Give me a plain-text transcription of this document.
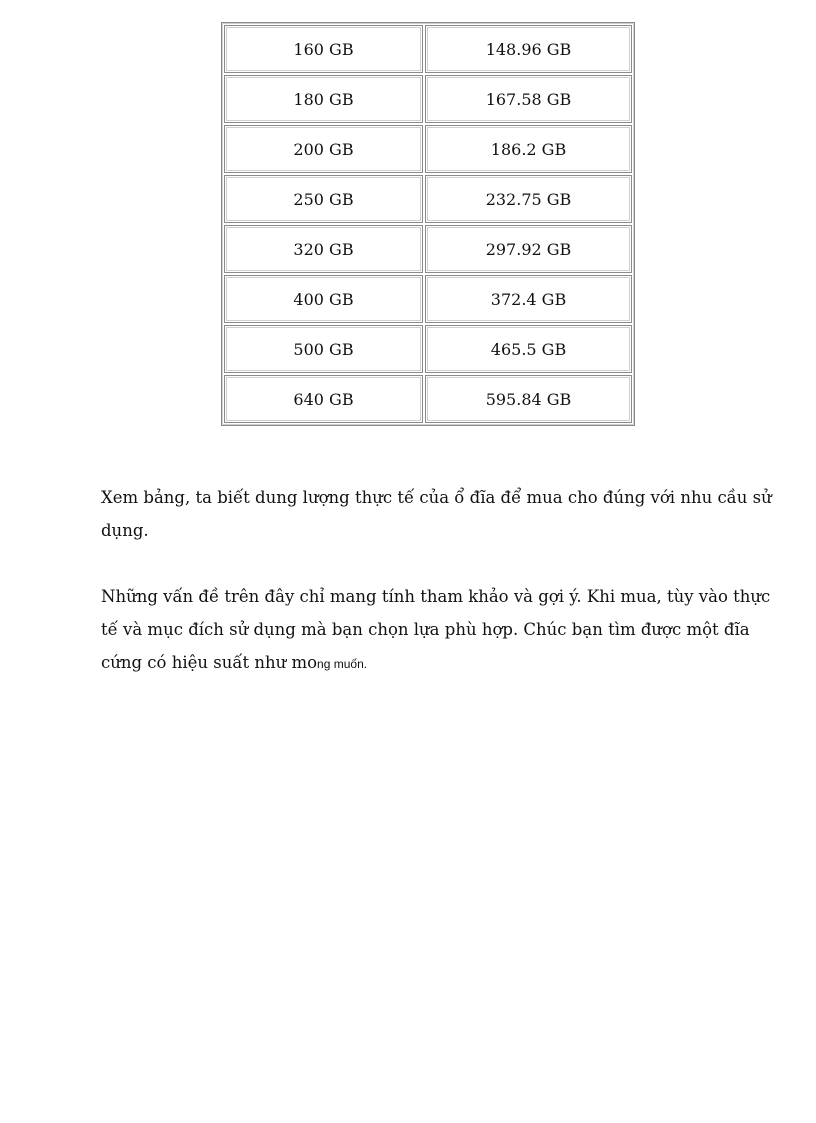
160 GB	148.96 GB
180 GB	167.58 GB
200 GB	186.2 GB
250 GB	232.75 GB
320 GB	297.92 GB
400 GB	372.4 GB
500 GB	465.5 GB
640 GB	595.84 GB

Xem bảng, ta biết dung lượng thực tế của ổ đĩa để mua cho đúng với nhu cầu sử dụng.

Những vấn đề trên đây chỉ mang tính tham khảo và gợi ý. Khi mua, tùy vào thực tế và mục đích sử dụng mà bạn chọn lựa phù hợp. Chúc bạn tìm được một đĩa cứng có hiệu suất như mong muốn.
